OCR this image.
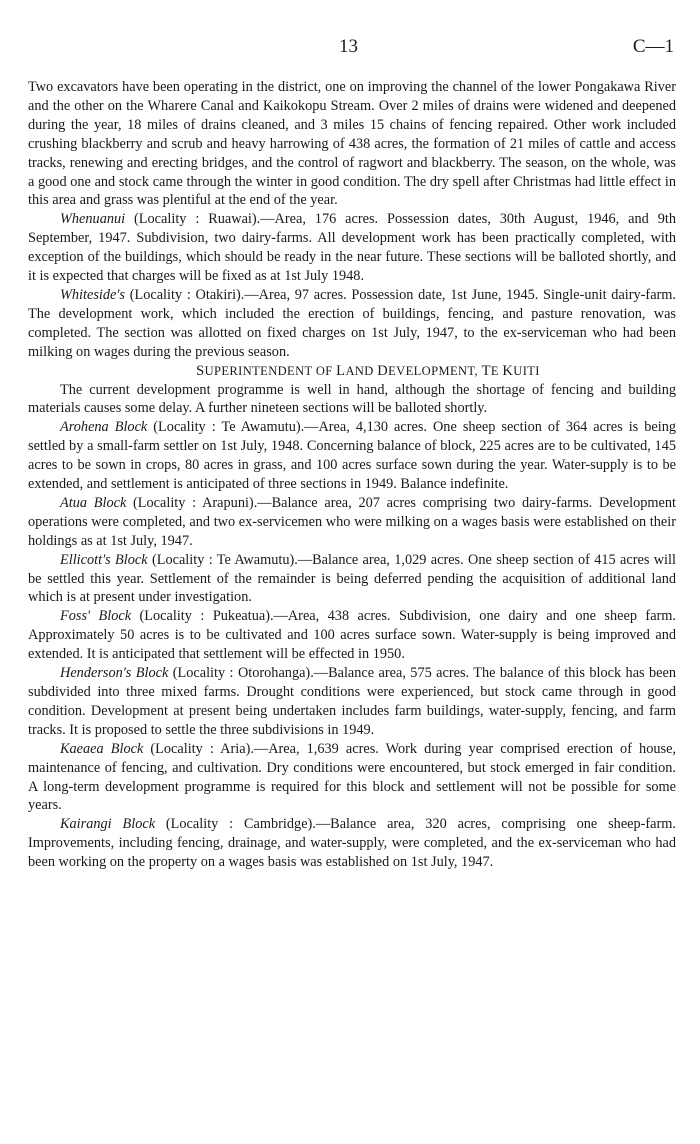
13	C—1

Two excavators have been operating in the district, one on improving the channel of the lower Pongakawa River and the other on the Wharere Canal and Kaikokopu Stream. Over 2 miles of drains were widened and deepened during the year, 18 miles of drains cleaned, and 3 miles 15 chains of fencing repaired. Other work included crushing blackberry and scrub and heavy harrowing of 438 acres, the formation of 21 miles of cattle and access tracks, renewing and erecting bridges, and the control of ragwort and blackberry. The season, on the whole, was a good one and stock came through the winter in good condition. The dry spell after Christmas had little effect in this area and grass was plentiful at the end of the year.

Whenuanui (Locality : Ruawai).—Area, 176 acres. Possession dates, 30th August, 1946, and 9th September, 1947. Subdivision, two dairy-farms. All development work has been practically completed, with exception of the buildings, which should be ready in the near future. These sections will be balloted shortly, and it is expected that charges will be fixed as at 1st July 1948.

Whiteside's (Locality : Otakiri).—Area, 97 acres. Possession date, 1st June, 1945. Single-unit dairy-farm. The development work, which included the erection of buildings, fencing, and pasture renovation, was completed. The section was allotted on fixed charges on 1st July, 1947, to the ex-serviceman who had been milking on wages during the previous season.

SUPERINTENDENT OF LAND DEVELOPMENT, TE KUITI

The current development programme is well in hand, although the shortage of fencing and building materials causes some delay. A further nineteen sections will be balloted shortly.

Arohena Block (Locality : Te Awamutu).—Area, 4,130 acres. One sheep section of 364 acres is being settled by a small-farm settler on 1st July, 1948. Concerning balance of block, 225 acres are to be cultivated, 145 acres to be sown in crops, 80 acres in grass, and 100 acres surface sown during the year. Water-supply is to be extended, and settlement is anticipated of three sections in 1949. Balance indefinite.

Atua Block (Locality : Arapuni).—Balance area, 207 acres comprising two dairy-farms. Development operations were completed, and two ex-servicemen who were milking on a wages basis were established on their holdings as at 1st July, 1947.

Ellicott's Block (Locality : Te Awamutu).—Balance area, 1,029 acres. One sheep section of 415 acres will be settled this year. Settlement of the remainder is being deferred pending the acquisition of additional land which is at present under investigation.

Foss' Block (Locality : Pukeatua).—Area, 438 acres. Subdivision, one dairy and one sheep farm. Approximately 50 acres is to be cultivated and 100 acres surface sown. Water-supply is being improved and extended. It is anticipated that settlement will be effected in 1950.

Henderson's Block (Locality : Otorohanga).—Balance area, 575 acres. The balance of this block has been subdivided into three mixed farms. Drought conditions were experienced, but stock came through in good condition. Development at present being undertaken includes farm buildings, water-supply, fencing, and farm tracks. It is proposed to settle the three subdivisions in 1949.

Kaeaea Block (Locality : Aria).—Area, 1,639 acres. Work during year comprised erection of house, maintenance of fencing, and cultivation. Dry conditions were encountered, but stock emerged in fair condition. A long-term development programme is required for this block and settlement will not be possible for some years.

Kairangi Block (Locality : Cambridge).—Balance area, 320 acres, comprising one sheep-farm. Improvements, including fencing, drainage, and water-supply, were completed, and the ex-serviceman who had been working on the property on a wages basis was established on 1st July, 1947.
